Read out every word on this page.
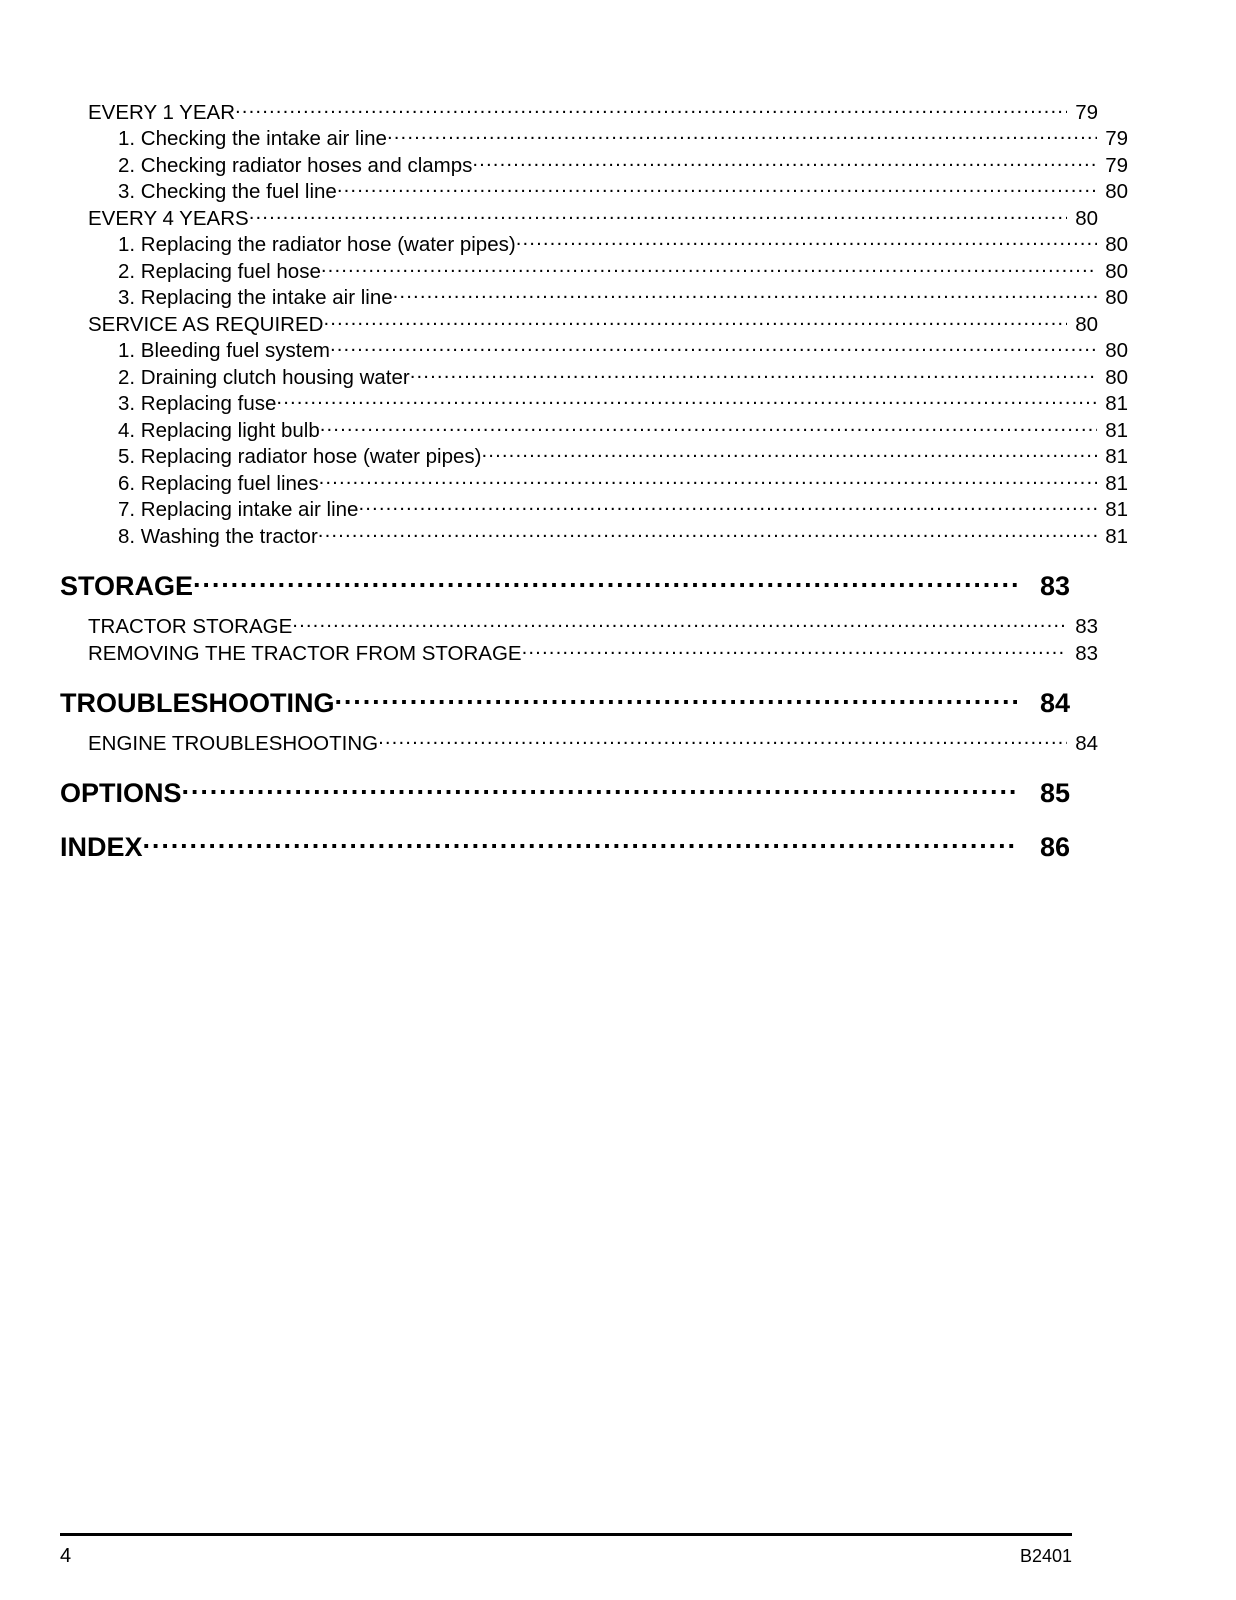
EVERY 1 YEAR .....	79
1. Checking the intake air line .....	79
2. Checking radiator hoses and clamps .....	79
3. Checking the fuel line .....	80
EVERY 4 YEARS .....	80
1. Replacing the radiator hose (water pipes) .....	80
2. Replacing fuel hose .....	80
3. Replacing the intake air line .....	80
SERVICE AS REQUIRED .....	80
1. Bleeding fuel system .....	80
2. Draining clutch housing water .....	80
3. Replacing fuse .....	81
4. Replacing light bulb .....	81
5. Replacing radiator hose (water pipes) .....	81
6. Replacing fuel lines .....	81
7. Replacing intake air line .....	81
8. Washing the tractor .....	81
STORAGE .....	83
TRACTOR STORAGE .....	83
REMOVING THE TRACTOR FROM STORAGE .....	83
TROUBLESHOOTING .....	84
ENGINE TROUBLESHOOTING .....	84
OPTIONS .....	85
INDEX .....	86
4	B2401
